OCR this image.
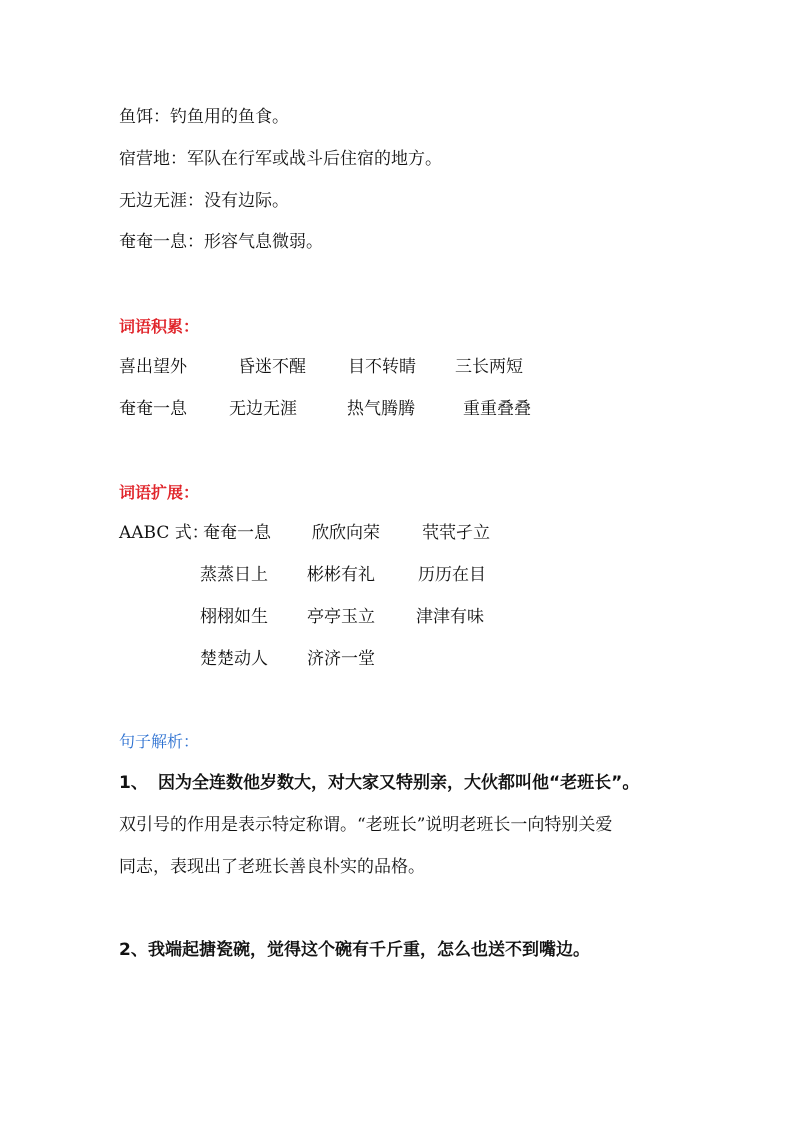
鱼饵：钓鱼用的鱼食。
宿营地：军队在行军或战斗后住宿的地方。
无边无涯：没有边际。
奄奄一息：形容气息微弱。
词语积累：
喜出望外	昏迷不醒 目不转睛 三长两短
奄奄一息 无边无涯	热气腾腾	重重叠叠
词语扩展：
AABC 式：
奄奄一息 欣欣向荣 茕茕孑立
蒸蒸日上 彬彬有礼	历历在目
栩栩如生 亭亭玉立 津津有味
楚楚动人 济济一堂
句子解析：
1、 因为全连数他岁数大，对大家又特别亲，大伙都叫他“老班长”。
双引号的作用是表示特定称谓。“老班长”说明老班长一向特别关爱
同志，表现出了老班长善良朴实的品格。
2、 我端起搪瓷碗，觉得这个碗有千斤重，怎么也送不到嘴边。
